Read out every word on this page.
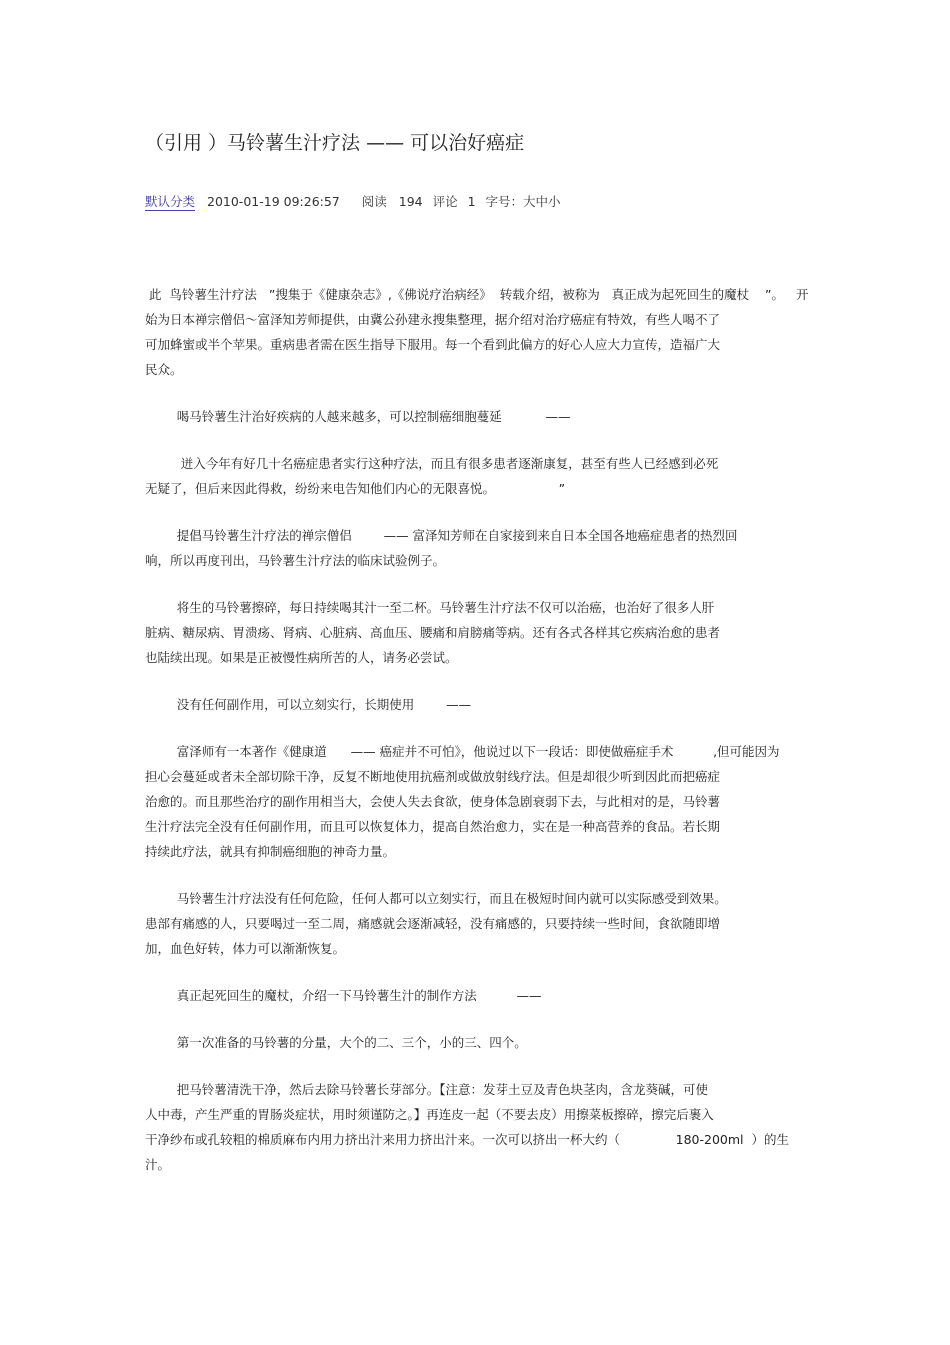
（引用 ）马铃薯生汁疗法 —— 可以治好癌症
默认分类 2010-01-19 09:26:57 阅读 194 评论 1 字号：大中小

此  鸟铃薯生汁疗法   ”搜集于《健康杂志》,《佛说疗治病经》  转载介绍，被称为   真正成为起死回生的魔杖    ”。   开
始为日本禅宗僧侣～富泽知芳师提供，由冀公孙建永搜集整理，据介绍对治疗癌症有特效，有些人喝不了
可加蜂蜜或半个苹果。重病患者需在医生指导下服用。每一个看到此偏方的好心人应大力宣传，造福广大
民众。

喝马铃薯生汁治好疾病的人越来越多，可以控制癌细胞蔓延           ——

迸入今年有好几十名癌症患者实行这种疗法，而且有很多患者逐渐康复，甚至有些人已经感到必死
无疑了，但后来因此得救，纷纷来电告知他们内心的无限喜悦。                ”

提倡马铃薯生汁疗法的禅宗僧侣        —— 富泽知芳师在自家接到来自日本全国各地癌症患者的热烈回
响，所以再度刊出，马铃薯生汁疗法的临床试验例子。

将生的马铃薯擦碎，每日持续喝其汁一至二杯。马铃薯生汁疗法不仅可以治癌，也治好了很多人肝
脏病、糖尿病、胃溃疡、肾病、心脏病、高血压、腰痛和肩膀痛等病。还有各式各样其它疾病治愈的患者
也陆续出现。如果是正被慢性病所苦的人，请务必尝试。

没有任何副作用，可以立刻实行，长期使用        ——

富泽师有一本著作《健康道      —— 癌症并不可怕》，他说过以下一段话：即使做癌症手术          ,但可能因为
担心会蔓延或者未全部切除干净，反复不断地使用抗癌剂或做放射线疗法。但是却很少听到因此而把癌症
治愈的。而且那些治疗的副作用相当大，会使人失去食欲，使身体急剧衰弱下去，与此相对的是，马铃薯
生汁疗法完全没有任何副作用，而且可以恢复体力，提高自然治愈力，实在是一种高营养的食品。若长期
持续此疗法，就具有抑制癌细胞的神奇力量。

马铃薯生汁疗法没有任何危险，任何人都可以立刻实行，而且在极短时间内就可以实际感受到效果。
患部有痛感的人，只要喝过一至二周，痛感就会逐渐减轻，没有痛感的，只要持续一些时间，食欲随即增
加，血色好转，体力可以渐渐恢复。

真正起死回生的魔杖，介绍一下马铃薯生汁的制作方法          ——

第一次准备的马铃薯的分量，大个的二、三个，小的三、四个。

把马铃薯清洗干净，然后去除马铃薯长芽部分。【注意：发芽土豆及青色块茎肉，含龙葵碱，可使
人中毒，产生严重的胃肠炎症状，用时须谨防之。】再连皮一起（不要去皮）用擦菜板擦碎，擦完后裹入
干净纱布或孔较粗的棉质麻布内用力挤出汁来用力挤出汁来。一次可以挤出一杯大约（              180-200ml  ）的生
汁。
